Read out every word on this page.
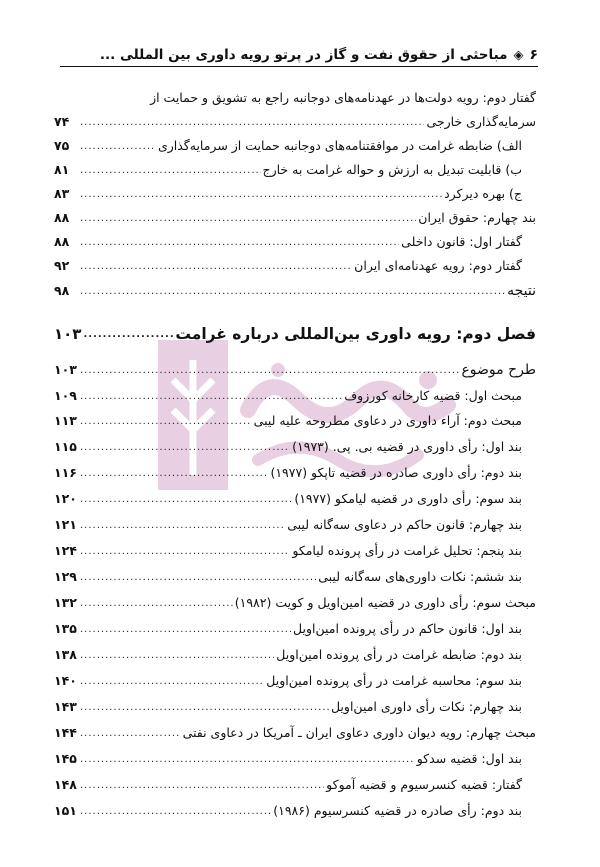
۶
◈
مباحثی از حقوق نفت و گاز در پرتو رویه داوری بین المللی ...
گفتار دوم: رویه دولت‌ها در عهدنامه‌های دوجانبه راجع به تشویق و حمایت از
سرمایه‌گذاری خارجی
.....
۷۴
الف) ضابطه غرامت در موافقتنامه‌های دوجانبه حمایت از سرمایه‌گذاری
.....
۷۵
ب) قابلیت تبدیل به ارزش و حواله غرامت به خارج
.....
۸۱
ج) بهره دیرکرد
.....
۸۳
بند چهارم: حقوق ایران
.....
۸۸
گفتار اول: قانون داخلی
.....
۸۸
گفتار دوم: رویه عهدنامه‌ای ایران
.....
۹۲
نتیجه
.....
۹۸
فصل دوم: رویه داوری بین‌المللی درباره غرامت
.....
۱۰۳
طرح موضوع
.....
۱۰۳
مبحث اول: قضیه کارخانه کورزوف
.....
۱۰۹
مبحث دوم: آراء داوری در دعاوی مطروحه علیه لیبی
.....
۱۱۳
بند اول: رأی داوری در قضیه بی. پی. (۱۹۷۳)
.....
۱۱۵
بند دوم: رأی داوری صادره در قضیه تاپکو (۱۹۷۷)
.....
۱۱۶
بند سوم: رأی داوری در قضیه لیامکو (۱۹۷۷)
.....
۱۲۰
بند چهارم: قانون حاکم در دعاوی سه‌گانه لیبی
.....
۱۲۱
بند پنجم: تحلیل غرامت در رأی پرونده لیامکو
.....
۱۲۴
بند ششم: نکات داوری‌های سه‌گانه لیبی
.....
۱۲۹
مبحث سوم: رأی داوری در قضیه امین‌اویل و کویت (۱۹۸۲)
.....
۱۳۲
بند اول: قانون حاکم در رأی پرونده امین‌اویل
.....
۱۳۵
بند دوم: ضابطه غرامت در رأی پرونده امین‌اویل
.....
۱۳۸
بند سوم: محاسبه غرامت در رأی پرونده امین‌اویل
.....
۱۴۰
بند چهارم: نکات رأی داوری امین‌اویل
.....
۱۴۳
مبحث چهارم: رویه دیوان داوری دعاوی ایران ـ آمریکا در دعاوی نفتی
.....
۱۴۴
بند اول: قضیه سدکو
.....
۱۴۵
گفتار: قضیه کنسرسیوم و قضیه آموکو
.....
۱۴۸
بند دوم: رأی صادره در قضیه کنسرسیوم (۱۹۸۶)
.....
۱۵۱
